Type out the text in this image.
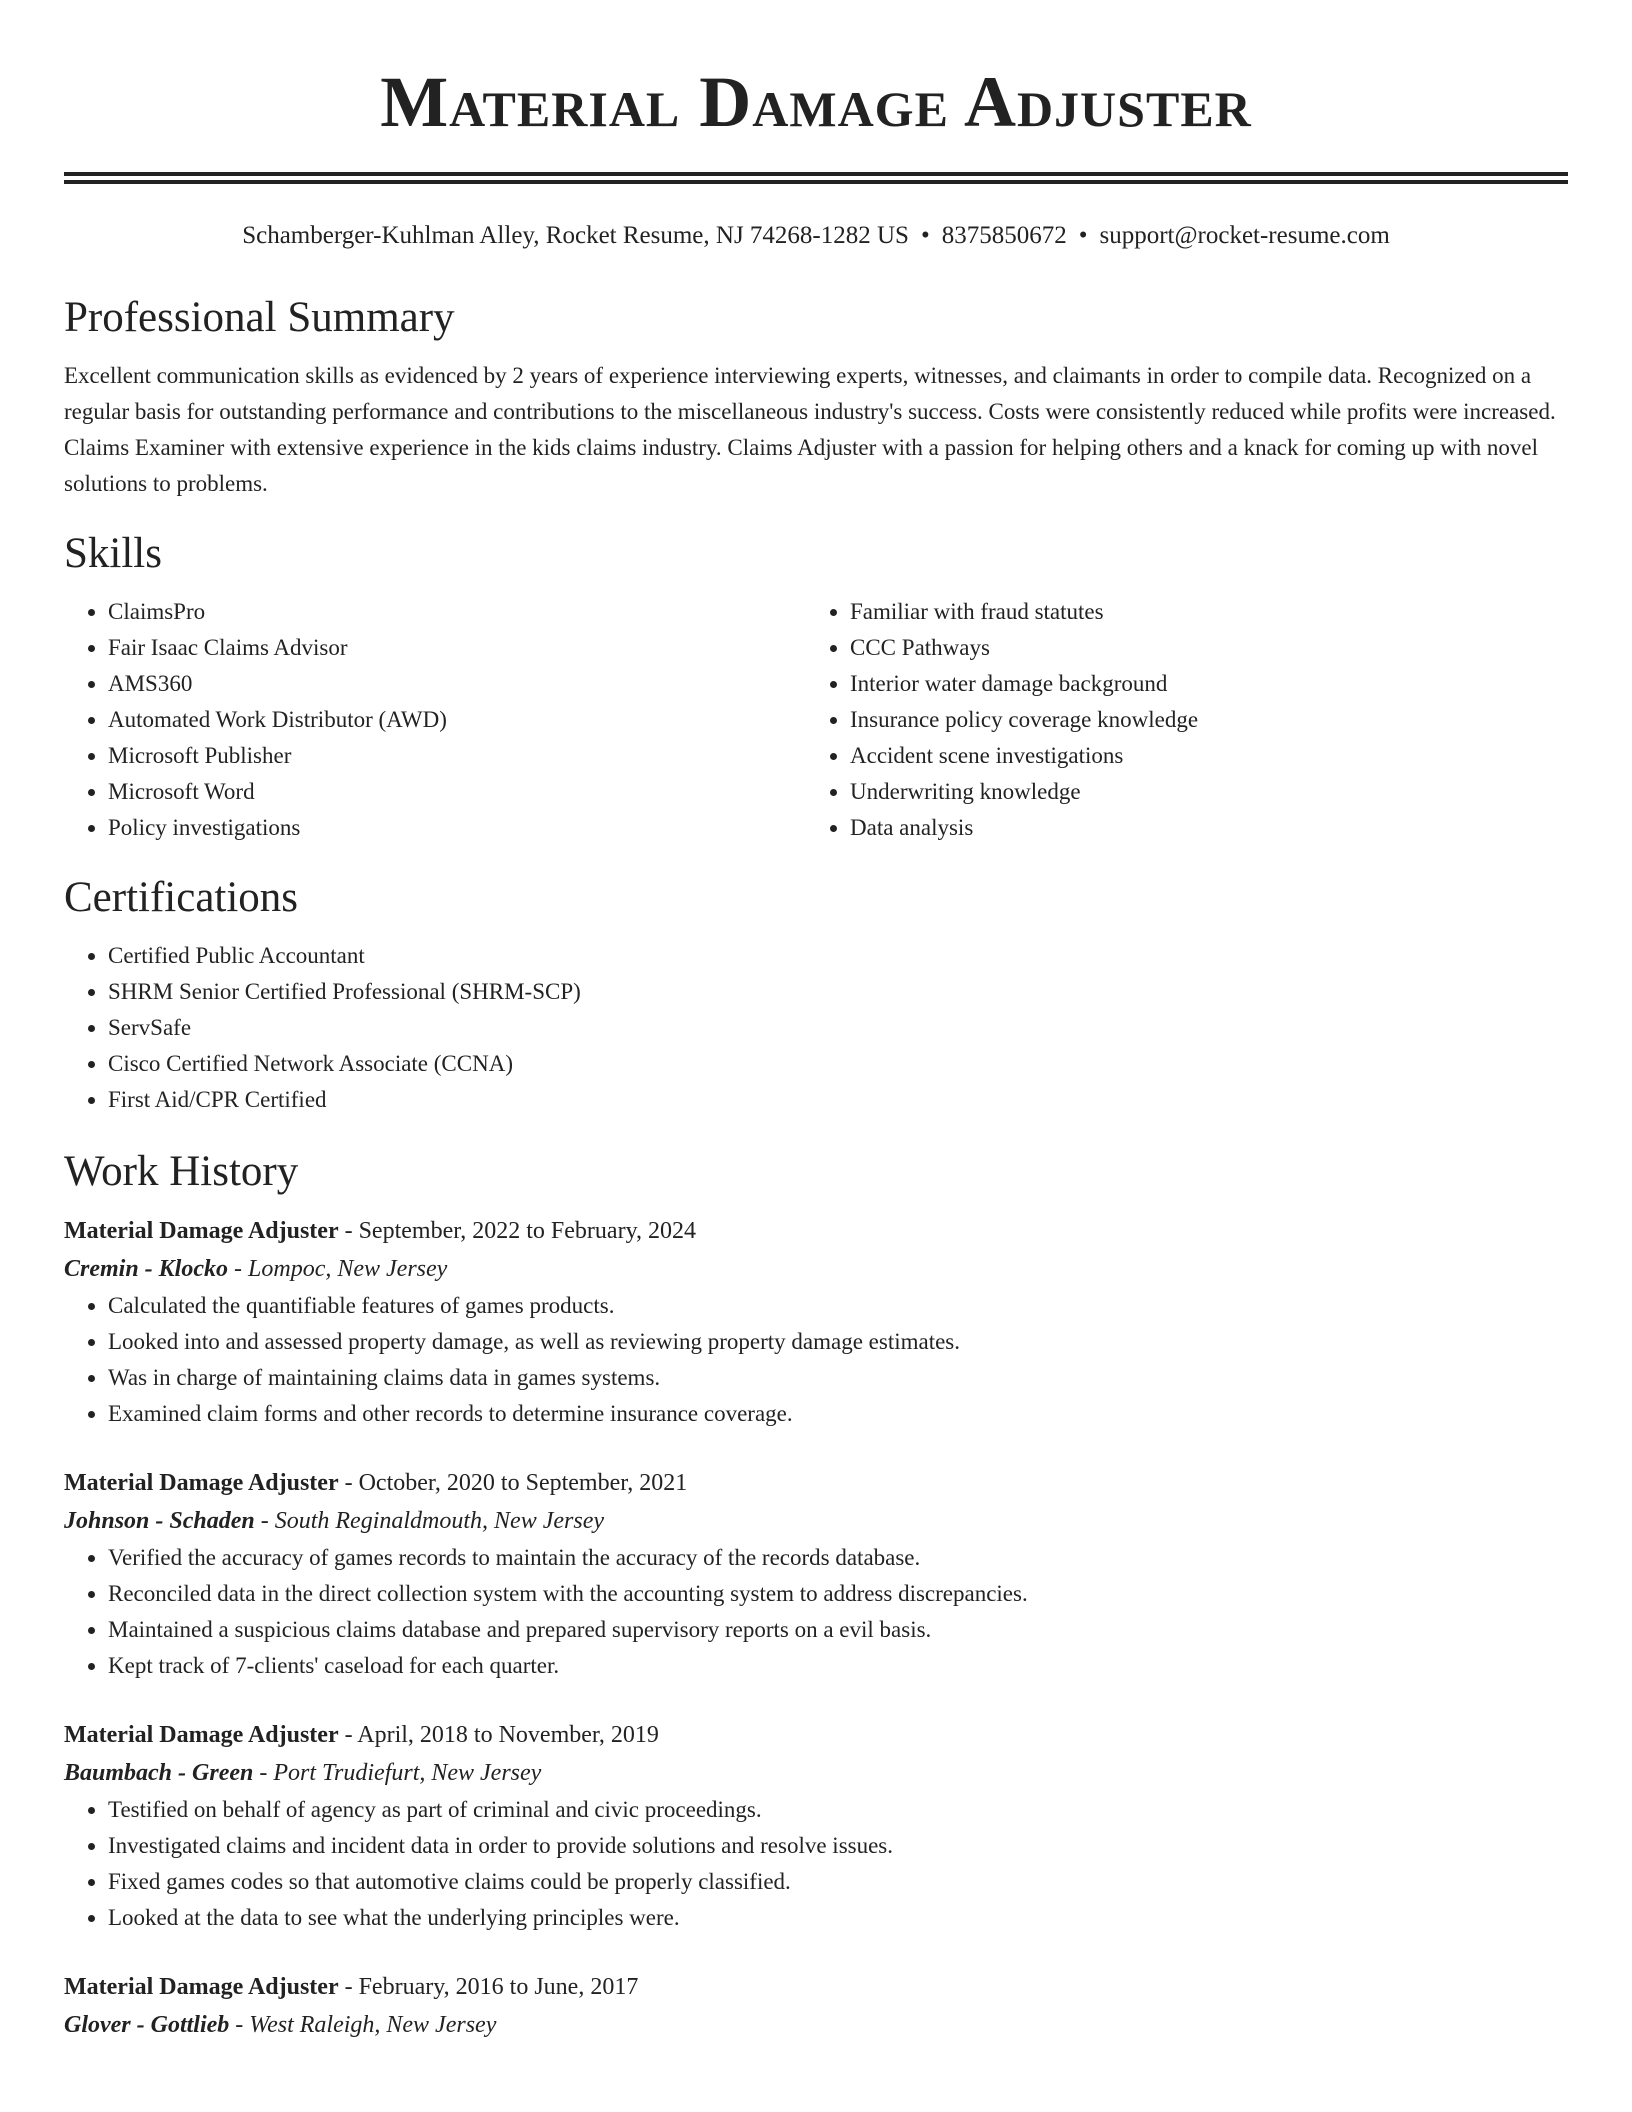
Material Damage Adjuster
Schamberger-Kuhlman Alley, Rocket Resume, NJ 74268-1282 US • 8375850672 • support@rocket-resume.com
Professional Summary

Excellent communication skills as evidenced by 2 years of experience interviewing experts, witnesses, and claimants in order to compile data. Recognized on a regular basis for outstanding performance and contributions to the miscellaneous industry's success. Costs were consistently reduced while profits were increased. Claims Examiner with extensive experience in the kids claims industry. Claims Adjuster with a passion for helping others and a knack for coming up with novel solutions to problems.

Skills
• ClaimsPro
• Fair Isaac Claims Advisor
• AMS360
• Automated Work Distributor (AWD)
• Microsoft Publisher
• Microsoft Word
• Policy investigations
• Familiar with fraud statutes
• CCC Pathways
• Interior water damage background
• Insurance policy coverage knowledge
• Accident scene investigations
• Underwriting knowledge
• Data analysis
Certifications
• Certified Public Accountant
• SHRM Senior Certified Professional (SHRM-SCP)
• ServSafe
• Cisco Certified Network Associate (CCNA)
• First Aid/CPR Certified
Work History
Material Damage Adjuster - September, 2022 to February, 2024
Cremin - Klocko - Lompoc, New Jersey
• Calculated the quantifiable features of games products.
• Looked into and assessed property damage, as well as reviewing property damage estimates.
• Was in charge of maintaining claims data in games systems.
• Examined claim forms and other records to determine insurance coverage.
Material Damage Adjuster - October, 2020 to September, 2021
Johnson - Schaden - South Reginaldmouth, New Jersey
• Verified the accuracy of games records to maintain the accuracy of the records database.
• Reconciled data in the direct collection system with the accounting system to address discrepancies.
• Maintained a suspicious claims database and prepared supervisory reports on a evil basis.
• Kept track of 7-clients' caseload for each quarter.
Material Damage Adjuster - April, 2018 to November, 2019
Baumbach - Green - Port Trudiefurt, New Jersey
• Testified on behalf of agency as part of criminal and civic proceedings.
• Investigated claims and incident data in order to provide solutions and resolve issues.
• Fixed games codes so that automotive claims could be properly classified.
• Looked at the data to see what the underlying principles were.
Material Damage Adjuster - February, 2016 to June, 2017
Glover - Gottlieb - West Raleigh, New Jersey
